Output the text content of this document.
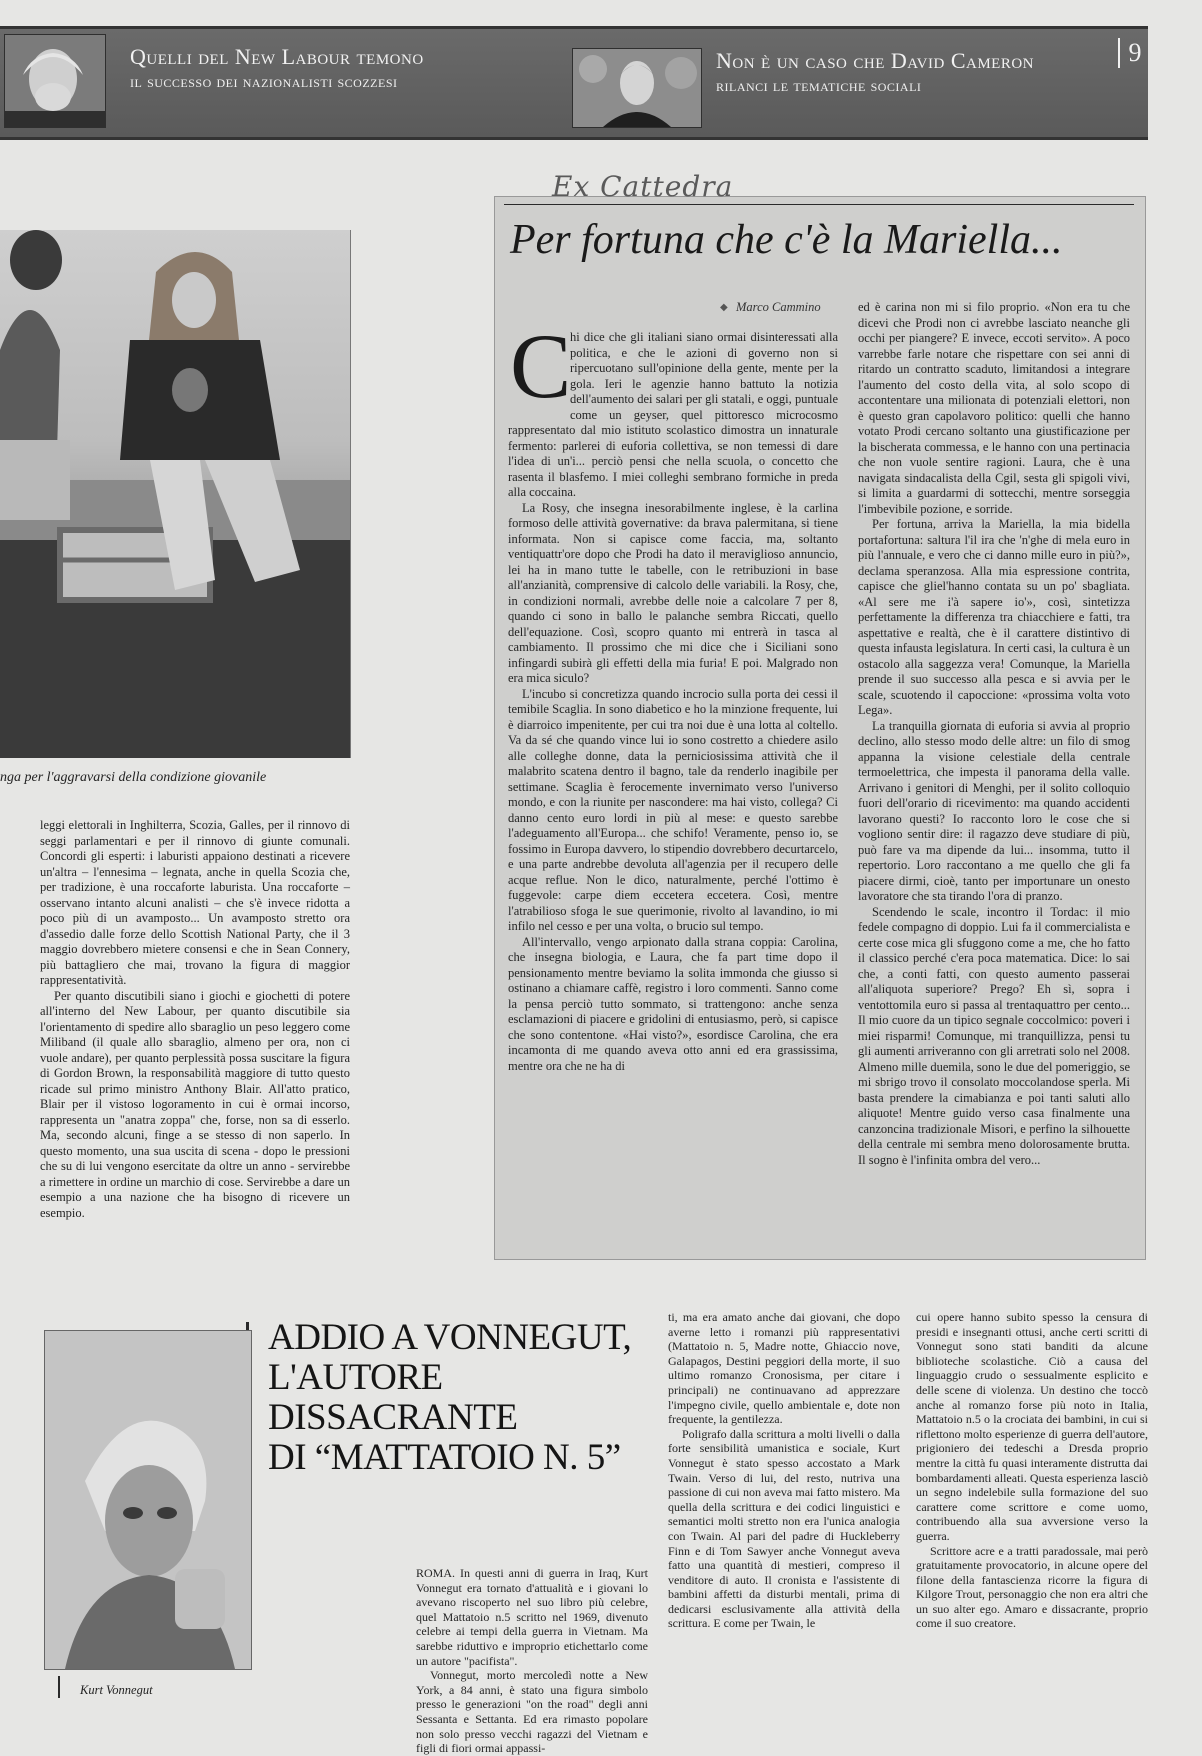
Quelli del New Labour temono
il successo dei nazionalisti scozzesi
Non è un caso che David Cameron
rilanci le tematiche sociali
9
nga per l'aggravarsi della condizione giovanile

leggi elettorali in Inghilterra, Scozia, Galles, per il rinnovo di seggi parlamentari e per il rinnovo di giunte comunali. Concordi gli esperti: i laburisti appaiono destinati a ricevere un'altra – l'ennesima – legnata, anche in quella Scozia che, per tradizione, è una roccaforte laburista. Una roccaforte – osservano intanto alcuni analisti – che s'è invece ridotta a poco più di un avamposto... Un avamposto stretto ora d'assedio dalle forze dello Scottish National Party, che il 3 maggio dovrebbero mietere consensi e che in Sean Connery, più battagliero che mai, trovano la figura di maggior rappresentatività.

Per quanto discutibili siano i giochi e giochetti di potere all'interno del New Labour, per quanto discutibile sia l'orientamento di spedire allo sbaraglio un peso leggero come Miliband (il quale allo sbaraglio, almeno per ora, non ci vuole andare), per quanto perplessità possa suscitare la figura di Gordon Brown, la responsabilità maggiore di tutto questo ricade sul primo ministro Anthony Blair. All'atto pratico, Blair per il vistoso logoramento in cui è ormai incorso, rappresenta un "anatra zoppa" che, forse, non sa di esserlo. Ma, secondo alcuni, finge a se stesso di non saperlo. In questo momento, una sua uscita di scena - dopo le pressioni che su di lui vengono esercitate da oltre un anno - servirebbe a rimettere in ordine un marchio di cose. Servirebbe a dare un esempio a una nazione che ha bisogno di ricevere un esempio.

Ex Cattedra
Per fortuna che c'è la Mariella...
◆ Marco Cammino
C

hi dice che gli italiani siano ormai disinteressati alla politica, e che le azioni di governo non si ripercuotano sull'opinione della gente, mente per la gola. Ieri le agenzie hanno battuto la notizia dell'aumento dei salari per gli statali, e oggi, puntuale come un geyser, quel pittoresco microcosmo rappresentato dal mio istituto scolastico dimostra un innaturale fermento: parlerei di euforia collettiva, se non temessi di dare l'idea di un'i... perciò pensi che nella scuola, o concetto che rasenta il blasfemo. I miei colleghi sembrano formiche in preda alla coccaina.

La Rosy, che insegna inesorabilmente inglese, è la carlina formoso delle attività governative: da brava palermitana, si tiene informata. Non si capisce come faccia, ma, soltanto ventiquattr'ore dopo che Prodi ha dato il meraviglioso annuncio, lei ha in mano tutte le tabelle, con le retribuzioni in base all'anzianità, comprensive di calcolo delle variabili. la Rosy, che, in condizioni normali, avrebbe delle noie a calcolare 7 per 8, quando ci sono in ballo le palanche sembra Riccati, quello dell'equazione. Così, scopro quanto mi entrerà in tasca al cambiamento. Il prossimo che mi dice che i Siciliani sono infingardi subirà gli effetti della mia furia! E poi. Malgrado non era mica siculo?

L'incubo si concretizza quando incrocio sulla porta dei cessi il temibile Scaglia. In sono diabetico e ho la minzione frequente, lui è diarroico impenitente, per cui tra noi due è una lotta al coltello. Va da sé che quando vince lui io sono costretto a chiedere asilo alle colleghe donne, data la perniciosissima attività che il malabrito scatena dentro il bagno, tale da renderlo inagibile per settimane. Scaglia è ferocemente invernimato verso l'universo mondo, e con la riunite per nascondere: ma hai visto, collega? Ci danno cento euro lordi in più al mese: e questo sarebbe l'adeguamento all'Europa... che schifo! Veramente, penso io, se fossimo in Europa davvero, lo stipendio dovrebbero decurtarcelo, e una parte andrebbe devoluta all'agenzia per il recupero delle acque reflue. Non le dico, naturalmente, perché l'ottimo è fuggevole: carpe diem eccetera eccetera. Così, mentre l'atrabilioso sfoga le sue querimonie, rivolto al lavandino, io mi infilo nel cesso e per una volta, o brucio sul tempo.

All'intervallo, vengo arpionato dalla strana coppia: Carolina, che insegna biologia, e Laura, che fa part time dopo il pensionamento mentre beviamo la solita immonda che giusso si ostinano a chiamare caffè, registro i loro commenti. Sanno come la pensa perciò tutto sommato, si trattengono: anche senza esclamazioni di piacere e gridolini di entusiasmo, però, si capisce che sono contentone. «Hai visto?», esordisce Carolina, che era incamonta di me quando aveva otto anni ed era grassissima, mentre ora che ne ha di

ed è carina non mi si filo proprio. «Non era tu che dicevi che Prodi non ci avrebbe lasciato neanche gli occhi per piangere? E invece, eccoti servito». A poco varrebbe farle notare che rispettare con sei anni di ritardo un contratto scaduto, limitandosi a integrare l'aumento del costo della vita, al solo scopo di accontentare una milionata di potenziali elettori, non è questo gran capolavoro politico: quelli che hanno votato Prodi cercano soltanto una giustificazione per la bischerata commessa, e le hanno con una pertinacia che non vuole sentire ragioni. Laura, che è una navigata sindacalista della Cgil, sesta gli spigoli vivi, si limita a guardarmi di sottecchi, mentre sorseggia l'imbevibile pozione, e sorride.

Per fortuna, arriva la Mariella, la mia bidella portafortuna: saltura l'il ira che 'n'ghe di mela euro in più l'annuale, e vero che ci danno mille euro in più?», declama speranzosa. Alla mia espressione contrita, capisce che gliel'hanno contata su un po' sbagliata. «Al sere me i'à sapere io'», così, sintetizza perfettamente la differenza tra chiacchiere e fatti, tra aspettative e realtà, che è il carattere distintivo di questa infausta legislatura. In certi casi, la cultura è un ostacolo alla saggezza vera! Comunque, la Mariella prende il suo successo alla pesca e si avvia per le scale, scuotendo il capoccione: «prossima volta voto Lega».

La tranquilla giornata di euforia si avvia al proprio declino, allo stesso modo delle altre: un filo di smog appanna la visione celestiale della centrale termoelettrica, che impesta il panorama della valle. Arrivano i genitori di Menghi, per il solito colloquio fuori dell'orario di ricevimento: ma quando accidenti lavorano questi? Io racconto loro le cose che si vogliono sentir dire: il ragazzo deve studiare di più, può fare va ma dipende da lui... insomma, tutto il repertorio. Loro raccontano a me quello che gli fa piacere dirmi, cioè, tanto per importunare un onesto lavoratore che sta tirando l'ora di pranzo.

Scendendo le scale, incontro il Tordac: il mio fedele compagno di doppio. Lui fa il commercialista e certe cose mica gli sfuggono come a me, che ho fatto il classico perché c'era poca matematica. Dice: lo sai che, a conti fatti, con questo aumento passerai all'aliquota superiore? Prego? Eh sì, sopra i ventottomila euro si passa al trentaquattro per cento... Il mio cuore da un tipico segnale coccolmico: poveri i miei risparmi! Comunque, mi tranquillizza, pensi tu gli aumenti arriveranno con gli arretrati solo nel 2008. Almeno mille duemila, sono le due del pomeriggio, se mi sbrigo trovo il consolato moccolandose sperla. Mi basta prendere la cimabianza e poi tanti saluti allo aliquote! Mentre guido verso casa finalmente una canzoncina tradizionale Misori, e perfino la silhouette della centrale mi sembra meno dolorosamente brutta. Il sogno è l'infinita ombra del vero...

Kurt Vonnegut
ADDIO A VONNEGUT,
L'AUTORE DISSACRANTE
DI “MATTATOIO N. 5”

ROMA. In questi anni di guerra in Iraq, Kurt Vonnegut era tornato d'attualità e i giovani lo avevano riscoperto nel suo libro più celebre, quel Mattatoio n.5 scritto nel 1969, divenuto celebre ai tempi della guerra in Vietnam. Ma sarebbe riduttivo e improprio etichettarlo come un autore "pacifista".

Vonnegut, morto mercoledì notte a New York, a 84 anni, è stato una figura simbolo presso le generazioni "on the road" degli anni Sessanta e Settanta. Ed era rimasto popolare non solo presso vecchi ragazzi del Vietnam e figli di fiori ormai appassi-

ti, ma era amato anche dai giovani, che dopo averne letto i romanzi più rappresentativi (Mattatoio n. 5, Madre notte, Ghiaccio nove, Galapagos, Destini peggiori della morte, il suo ultimo romanzo Cronosisma, per citare i principali) ne continuavano ad apprezzare l'impegno civile, quello ambientale e, dote non frequente, la gentilezza.

Poligrafo dalla scrittura a molti livelli o dalla forte sensibilità umanistica e sociale, Kurt Vonnegut è stato spesso accostato a Mark Twain. Verso di lui, del resto, nutriva una passione di cui non aveva mai fatto mistero. Ma quella della scrittura e dei codici linguistici e semantici molti stretto non era l'unica analogia con Twain. Al pari del padre di Huckleberry Finn e di Tom Sawyer anche Vonnegut aveva fatto una quantità di mestieri, compreso il venditore di auto. Il cronista e l'assistente di bambini affetti da disturbi mentali, prima di dedicarsi esclusivamente alla attività della scrittura. E come per Twain, le

cui opere hanno subito spesso la censura di presidi e insegnanti ottusi, anche certi scritti di Vonnegut sono stati banditi da alcune biblioteche scolastiche. Ciò a causa del linguaggio crudo o sessualmente esplicito e delle scene di violenza. Un destino che toccò anche al romanzo forse più noto in Italia, Mattatoio n.5 o la crociata dei bambini, in cui si riflettono molto esperienze di guerra dell'autore, prigioniero dei tedeschi a Dresda proprio mentre la città fu quasi interamente distrutta dai bombardamenti alleati. Questa esperienza lasciò un segno indelebile sulla formazione del suo carattere come scrittore e come uomo, contribuendo alla sua avversione verso la guerra.

Scrittore acre e a tratti paradossale, mai però gratuitamente provocatorio, in alcune opere del filone della fantascienza ricorre la figura di Kilgore Trout, personaggio che non era altri che un suo alter ego. Amaro e dissacrante, proprio come il suo creatore.
